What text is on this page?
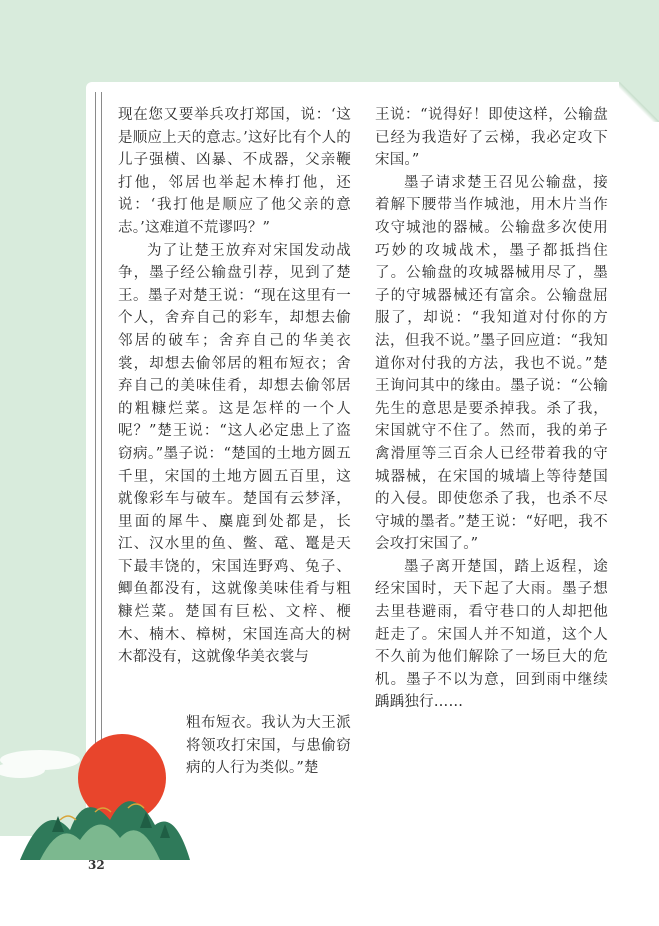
现在您又要举兵攻打郑国，说：‘这是顺应上天的意志。’这好比有个人的儿子强横、凶暴、不成器，父亲鞭打他，邻居也举起木棒打他，还说：‘我打他是顺应了他父亲的意志。’这难道不荒谬吗？”

为了让楚王放弃对宋国发动战争，墨子经公输盘引荐，见到了楚王。墨子对楚王说：“现在这里有一个人，舍弃自己的彩车，却想去偷邻居的破车；舍弃自己的华美衣裳，却想去偷邻居的粗布短衣；舍弃自己的美味佳肴，却想去偷邻居的粗糠烂菜。这是怎样的一个人呢？”楚王说：“这人必定患上了盗窃病。”墨子说：“楚国的土地方圆五千里，宋国的土地方圆五百里，这就像彩车与破车。楚国有云梦泽，里面的犀牛、麋鹿到处都是，长江、汉水里的鱼、鳖、鼋、鼍是天下最丰饶的，宋国连野鸡、兔子、鲫鱼都没有，这就像美味佳肴与粗糠烂菜。楚国有巨松、文梓、楩木、楠木、樟树，宋国连高大的树木都没有，这就像华美衣裳与

粗布短衣。我认为大王派将领攻打宋国，与患偷窃病的人行为类似。”楚

王说：“说得好！即使这样，公输盘已经为我造好了云梯，我必定攻下宋国。”

墨子请求楚王召见公输盘，接着解下腰带当作城池，用木片当作攻守城池的器械。公输盘多次使用巧妙的攻城战术，墨子都抵挡住了。公输盘的攻城器械用尽了，墨子的守城器械还有富余。公输盘屈服了，却说：“我知道对付你的方法，但我不说。”墨子回应道：“我知道你对付我的方法，我也不说。”楚王询问其中的缘由。墨子说：“公输先生的意思是要杀掉我。杀了我，宋国就守不住了。然而，我的弟子禽滑厘等三百余人已经带着我的守城器械，在宋国的城墙上等待楚国的入侵。即使您杀了我，也杀不尽守城的墨者。”楚王说：“好吧，我不会攻打宋国了。”

墨子离开楚国，踏上返程，途经宋国时，天下起了大雨。墨子想去里巷避雨，看守巷口的人却把他赶走了。宋国人并不知道，这个人不久前为他们解除了一场巨大的危机。墨子不以为意，回到雨中继续踽踽独行……

32
